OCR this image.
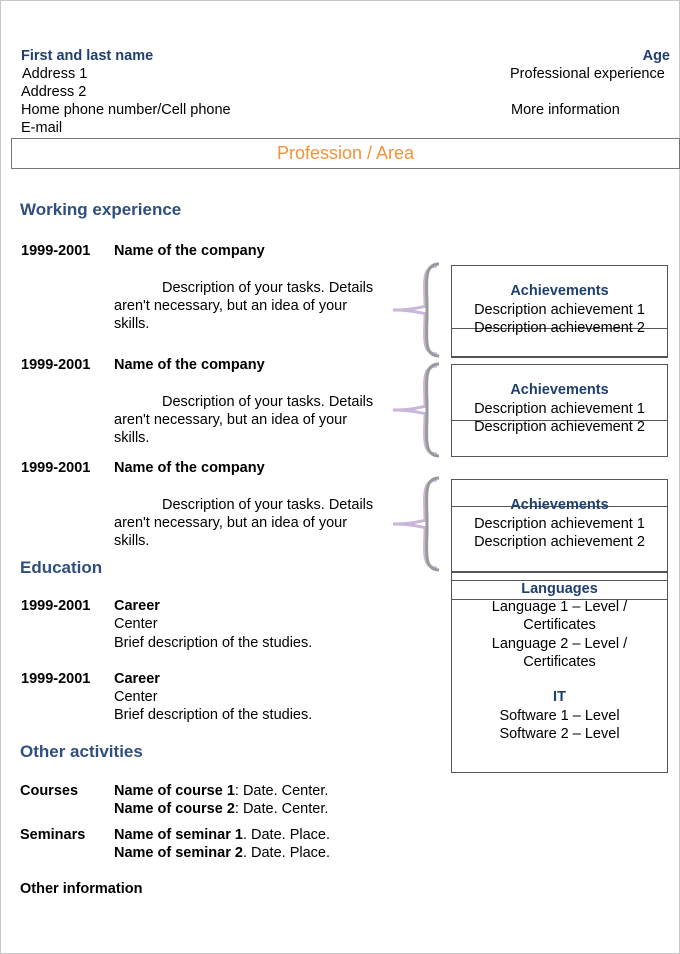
First and last name	Age
Address 1	Professional experience
Address 2
Home phone number/Cell phone	More information
E-mail
Profession / Area
Working experience
1999-2001 Name of the company
Description of your tasks. Details
aren't necessary, but an idea of your
skills.
1999-2001 Name of the company
Description of your tasks. Details
aren't necessary, but an idea of your
skills.
1999-2001 Name of the company
Description of your tasks. Details
aren't necessary, but an idea of your
skills.
Achievements
Description achievement 1
Description achievement 2
Achievements
Description achievement 1
Description achievement 2
Achievements
Description achievement 1
Description achievement 2
Languages
Language 1 – Level /
Certificates
Language 2 – Level /
Certificates
IT
Software 1 – Level
Software 2 – Level
Education
1999-2001 Career
Center
Brief description of the studies.
1999-2001 Career
Center
Brief description of the studies.
Other activities
Courses Name of course 1: Date. Center.
Name of course 2: Date. Center.
Seminars Name of seminar 1. Date. Place.
Name of seminar 2. Date. Place.
Other information
